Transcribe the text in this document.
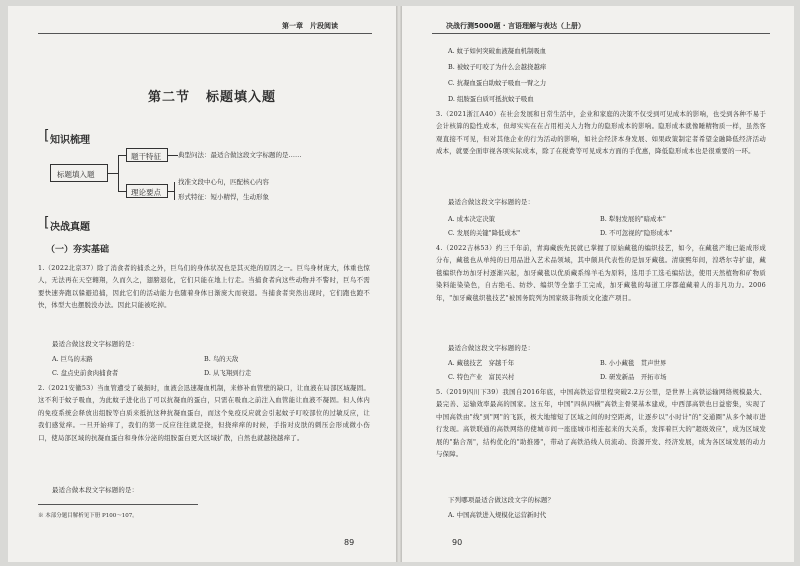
第一章　片段阅读
第二节 标题填入题
[ 知识梳理
标题填入题
题干特征
理论要点
典型问法：最适合做这段文字标题的是……
找准文段中心句，匹配核心内容
形式特征：短小精悍，生动形象
[ 决战真题
（一）夯实基础
1.（2022北京37）除了消食者的捕杀之外，巨鸟们的身体状况也是其灭绝的原因之一。巨鸟身材庞大，体重也惊人，无法再在天空翱翔，久而久之，翅膀退化，它们只能在地上行走。当捕食者向这些动物并不警时，巨鸟不需要快速奔跑以躲避追捕，因此它们的活动能力也随着身体日渐庞大而衰退。当捕食者突然出现时，它们跑也跑不快，体型大也摆脱没办法。因此只能被吃掉。
最适合做这段文字标题的是：
A. 巨鸟的末路	B. 鸟的天敌
C. 盘点史前食肉捕食者	D. 从飞翔到行走
2.（2021安徽53）当血管遭受了破损时，血液会迅速凝血机制，来修补血管壁的缺口，让血液在局部区域凝固。这不利于蚊子吸血，为此蚊子进化出了可以抗凝血的蛋白，只需在吸血之前注入血管能让血液不凝固。但人体内的免疫系统会释放出组胺等白质来抵抗这种抗凝血蛋白，而这个免疫反应就会引起蚊子叮咬部位的过敏反应，让我们感觉痒。一旦开始痒了，我们的第一反应往往就是挠，但挠痒痒的时候，手指对皮肤的刺压会形成微小伤口，使局部区域的抗凝血蛋白和身体分泌的组胺蛋白更大区域扩散，自然也就越挠越痒了。
最适合做本段文字标题的是：
※ 本部分题目解析见下册 P100～107。
89
决战行测5000题 · 言语理解与表达（上册）
A. 蚊子如何突破血液凝血机制吸血
B. 被蚊子叮咬了为什么会越挠越痒
C. 抗凝血蛋白助蚊子吸血一臂之力
D. 组胺蛋白质可抵抗蚊子吸血
3.（2021浙江A40）在社会发展和日常生活中，企业和家庭的决策不仅受到可见成本的影响，也受到各种不易于会计核算的隐性成本，但却实实在在占用相关人力物力的隐形成本的影响。隐形成本就像睡精物质一样，虽然客观直接不可见，但对其他企业的行为活动的影响，如社会经济本身发展、如果政策制定者希望金融降低经济活动成本，就要全面审视各项实际成本，除了在税费等可见成本方面的手优惠，降低隐形成本也是很重要的一环。
最适合做这段文字标题的是：
A. 成本决定决策	B. 犁射发展的"暗成本"
C. 发展的关键"降低成本"	D. 不可忽视的"隐形成本"
4.（2022吉林53）约三千年前，青海藏族先民就已掌握了原始藏毯的编织技艺，如今，在藏毯产地已能成形成分布，藏毯也从单纯的日用品进入艺术品领域，其中颇具代表性的是加牙藏毯。清康熙年间，湟塔尔寺扩建，藏毯编织作坊加牙村逐渐兴起，加牙藏毯以优质藏系绵羊毛为原料，选用手工选毛编结法，使用天然植物和矿物质染料能染染色，自古绝毛、纺纱、编织等全靠手工完成，加牙藏毯的每道工序都蕴藏着人的非凡功力。2006年，"加牙藏毯织毯技艺"被国务院列为国家级非物质文化遗产项目。
最适合做这段文字标题的是：
A. 藏毯技艺　穿越千年	B. 小小藏毯　贯声世界
C. 特色产业　富民兴村	D. 研发新品　开拓市场
5.（2019四川下39）我国自2016年底，中国高铁运营里程突破2.2万公里，是世界上高铁运输网络规模最大、最完善、运输效率最高的国家。这五年，中国"四纵四横"高铁主骨架基本建成，中西部高铁也日益密集，实现了中国高铁由"线"到"网"的飞跃，极大地缩短了区域之间的时空距离，让逐步以"小时计"的"交通圈"从多个城市进行发现。高铁联通的高铁网络的使城市间一座座城市相连起来的大关系，发挥着巨大的"超级效应"，成为区域发展的"黏合剂"，结构优化的"助推器"，带动了高铁沿线人员流动、资源开发、经济发展，成为各区域发展的动力与保障。
下列哪项最适合做这段文字的标题？
A. 中国高铁进入规模化运营新时代
90
